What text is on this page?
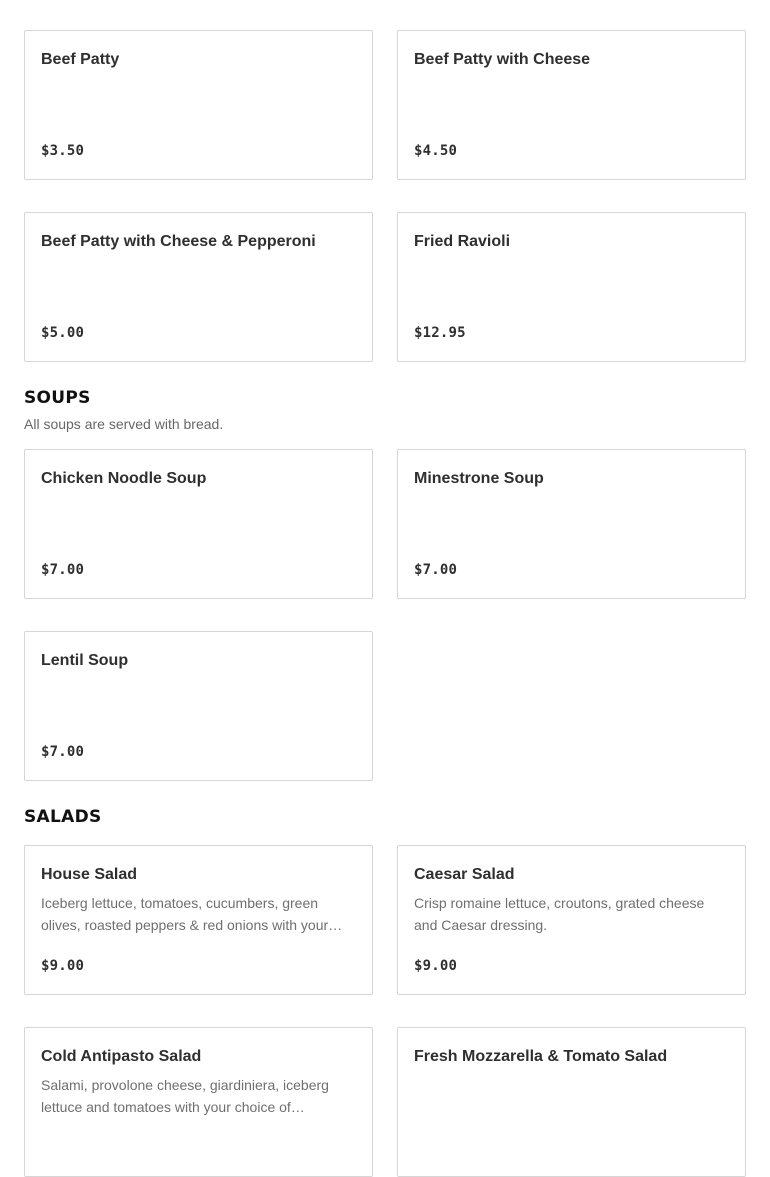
Beef Patty
$3.50
Beef Patty with Cheese
$4.50
Beef Patty with Cheese & Pepperoni
$5.00
Fried Ravioli
$12.95
SOUPS
All soups are served with bread.
Chicken Noodle Soup
$7.00
Minestrone Soup
$7.00
Lentil Soup
$7.00
SALADS
House Salad
Iceberg lettuce, tomatoes, cucumbers, green olives, roasted peppers & red onions with your…
$9.00
Caesar Salad
Crisp romaine lettuce, croutons, grated cheese and Caesar dressing.
$9.00
Cold Antipasto Salad
Salami, provolone cheese, giardiniera, iceberg lettuce and tomatoes with your choice of…
Fresh Mozzarella & Tomato Salad
